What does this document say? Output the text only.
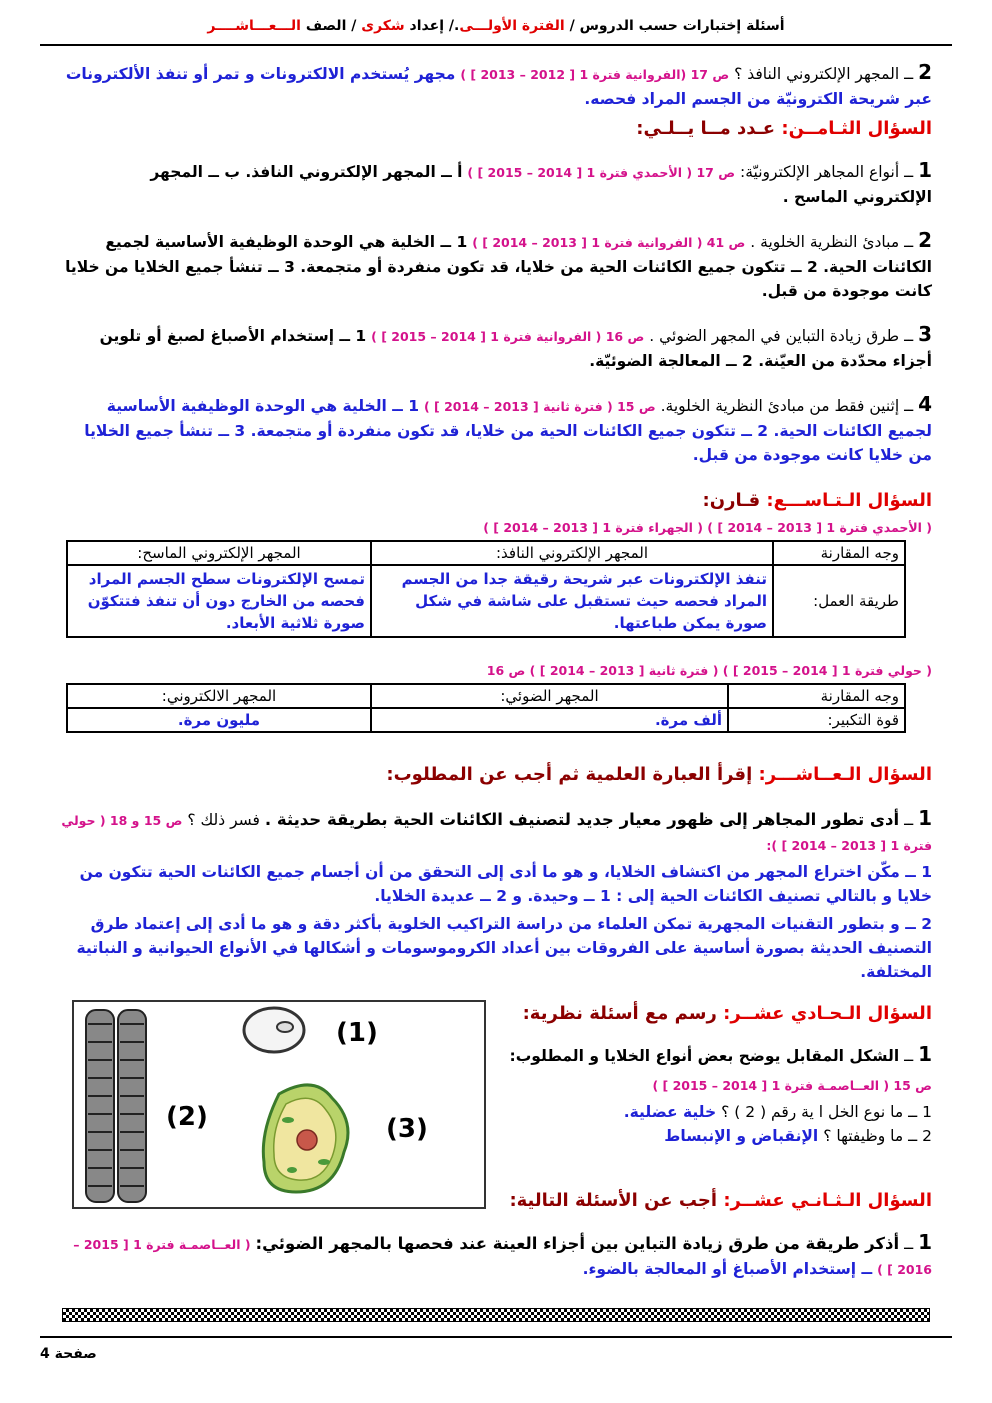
أسئلة إختبارات حسب الدروس / الفترة الأولـــى./ إعداد شكرى / الصف الـــعـــاشــــر
2 ــ المجهر الإلكتروني النافذ ؟ ص 17 (الفروانية فترة 1 [ 2012 – 2013 ] ) مجهر يُستخدم الالكترونات و تمر أو تنفذ الألكترونات عبر شريحة الكترونيّة من الجسم المراد فحصه.
السؤال الثـامــن: عـدد مــا يــلـي:
1 ــ أنواع المجاهر الإلكترونيّة: ص 17 ( الأحمدي فترة 1 [ 2014 – 2015 ] ) أ ــ المجهر الإلكتروني النافذ. ب ــ المجهر الإلكتروني الماسح .
2 ــ مبادئ النظرية الخلوية . ص 41 ( الفروانية فترة 1 [ 2013 – 2014 ] ) 1 ــ الخلية هي الوحدة الوظيفية الأساسية لجميع الكائنات الحية. 2 ــ تتكون جميع الكائنات الحية من خلايا، قد تكون منفردة أو متجمعة. 3 ــ تنشأ جميع الخلايا من خلايا كانت موجودة من قبل.
3 ــ طرق زيادة التباين في المجهر الضوئي . ص 16 ( الفروانية فترة 1 [ 2014 – 2015 ] ) 1 ــ إستخدام الأصباغ لصبغ أو تلوين أجزاء محدّدة من العيّنة. 2 ــ المعالجة الضوئيّة.
4 ــ إثنين فقط من مبادئ النظرية الخلوية. ص 15 ( فترة ثانية [ 2013 – 2014 ] ) 1 ــ الخلية هي الوحدة الوظيفية الأساسية لجميع الكائنات الحية. 2 ــ تتكون جميع الكائنات الحية من خلايا، قد تكون منفردة أو متجمعة. 3 ــ تنشأ جميع الخلايا من خلايا كانت موجودة من قبل.
السؤال الـتـاســـع: قـارن:
( الأحمدي فترة 1 [ 2013 – 2014 ] ) ( الجهراء فترة 1 [ 2013 – 2014 ] )
وجه المقارنة	المجهر الإلكتروني النافذ:	المجهر الإلكتروني الماسح:
طريقة العمل:	تنفذ الإلكترونات عبر شريحة رقيقة جدا من الجسم المراد فحصه حيث تستقبل على شاشة في شكل صورة يمكن طباعتها.	تمسح الإلكترونات سطح الجسم المراد فحصه من الخارج دون أن تنفذ فتتكوّن صورة ثلاثية الأبعاد.
( حولي فترة 1 [ 2014 – 2015 ] ) ( فترة ثانية [ 2013 – 2014 ] ) ص 16
وجه المقارنة	المجهر الضوئي:	المجهر الالكتروني:
قوة التكبير:	ألف مرة.	مليون مرة.
السؤال الـعــاشـــر: إقرأ العبارة العلمية ثم أجب عن المطلوب:
1 ــ أدى تطور المجاهر إلى ظهور معيار جديد لتصنيف الكائنات الحية بطريقة حديثة . فسر ذلك ؟ ص 15 و 18 ( حولي فترة 1 [ 2013 – 2014 ] ):
1 ــ مكّن اختراع المجهر من اكتشاف الخلايا، و هو ما أدى إلى التحقق من أن أجسام جميع الكائنات الحية تتكون من خلايا و بالتالي تصنيف الكائنات الحية إلى : 1 ــ وحيدة. و 2 ــ عديدة الخلايا.
2 ــ و بتطور التقنيات المجهرية تمكن العلماء من دراسة التراكيب الخلوية بأكثر دقة و هو ما أدى إلى إعتماد طرق التصنيف الحديثة بصورة أساسية على الفروقات بين أعداد الكروموسومات و أشكالها في الأنواع الحيوانية و النباتية المختلفة.
السؤال الـحـادي عشــر: رسم مع أسئلة نظرية:
1 ــ الشكل المقابل يوضح بعض أنواع الخلايا و المطلوب:
ص 15 ( العــاصمـة فترة 1 [ 2014 – 2015 ] )
1 ــ ما نوع الخل ا ية رقم ( 2 ) ؟ خلية عضلية.
2 ــ ما وظيفتها ؟ الإنقباض و الإنبساط
(1)
(2)	(3)
السؤال الـثـانـي عشــر: أجب عن الأسئلة التالية:
1 ــ أذكر طريقة من طرق زيادة التباين بين أجزاء العينة عند فحصها بالمجهر الضوئي: ( العــاصمـة فترة 1 [ 2015 – 2016 ] ) ــ إستخدام الأصباغ أو المعالجة بالضوء.
صفحة 4
